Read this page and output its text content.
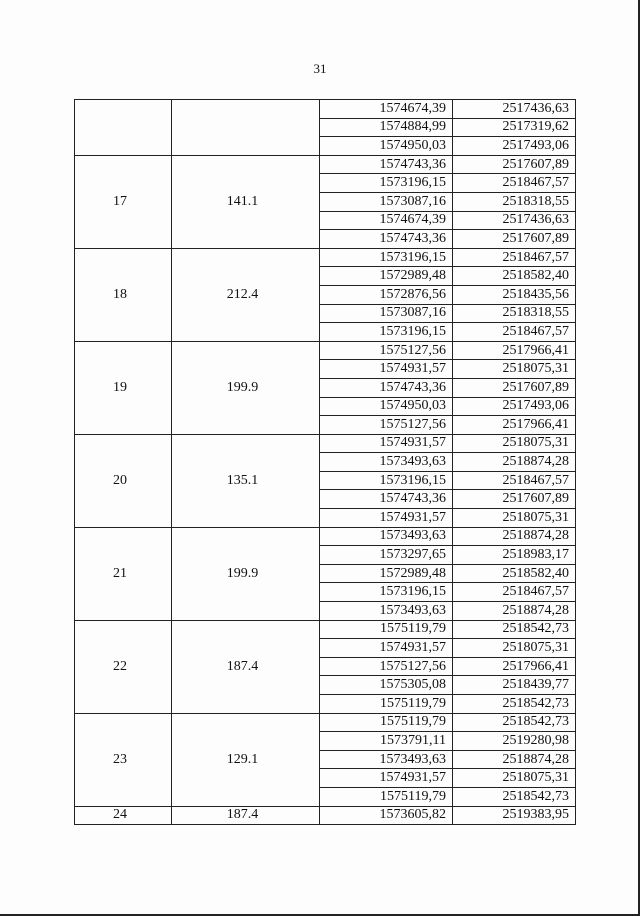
31
		1574674,39	2517436,63
		1574884,99	2517319,62
		1574950,03	2517493,06
17	141.1	1574743,36	2517607,89
		1573196,15	2518467,57
		1573087,16	2518318,55
		1574674,39	2517436,63
		1574743,36	2517607,89
18	212.4	1573196,15	2518467,57
		1572989,48	2518582,40
		1572876,56	2518435,56
		1573087,16	2518318,55
		1573196,15	2518467,57
19	199.9	1575127,56	2517966,41
		1574931,57	2518075,31
		1574743,36	2517607,89
		1574950,03	2517493,06
		1575127,56	2517966,41
20	135.1	1574931,57	2518075,31
		1573493,63	2518874,28
		1573196,15	2518467,57
		1574743,36	2517607,89
		1574931,57	2518075,31
21	199.9	1573493,63	2518874,28
		1573297,65	2518983,17
		1572989,48	2518582,40
		1573196,15	2518467,57
		1573493,63	2518874,28
22	187.4	1575119,79	2518542,73
		1574931,57	2518075,31
		1575127,56	2517966,41
		1575305,08	2518439,77
		1575119,79	2518542,73
23	129.1	1575119,79	2518542,73
		1573791,11	2519280,98
		1573493,63	2518874,28
		1574931,57	2518075,31
		1575119,79	2518542,73
24	187.4	1573605,82	2519383,95
